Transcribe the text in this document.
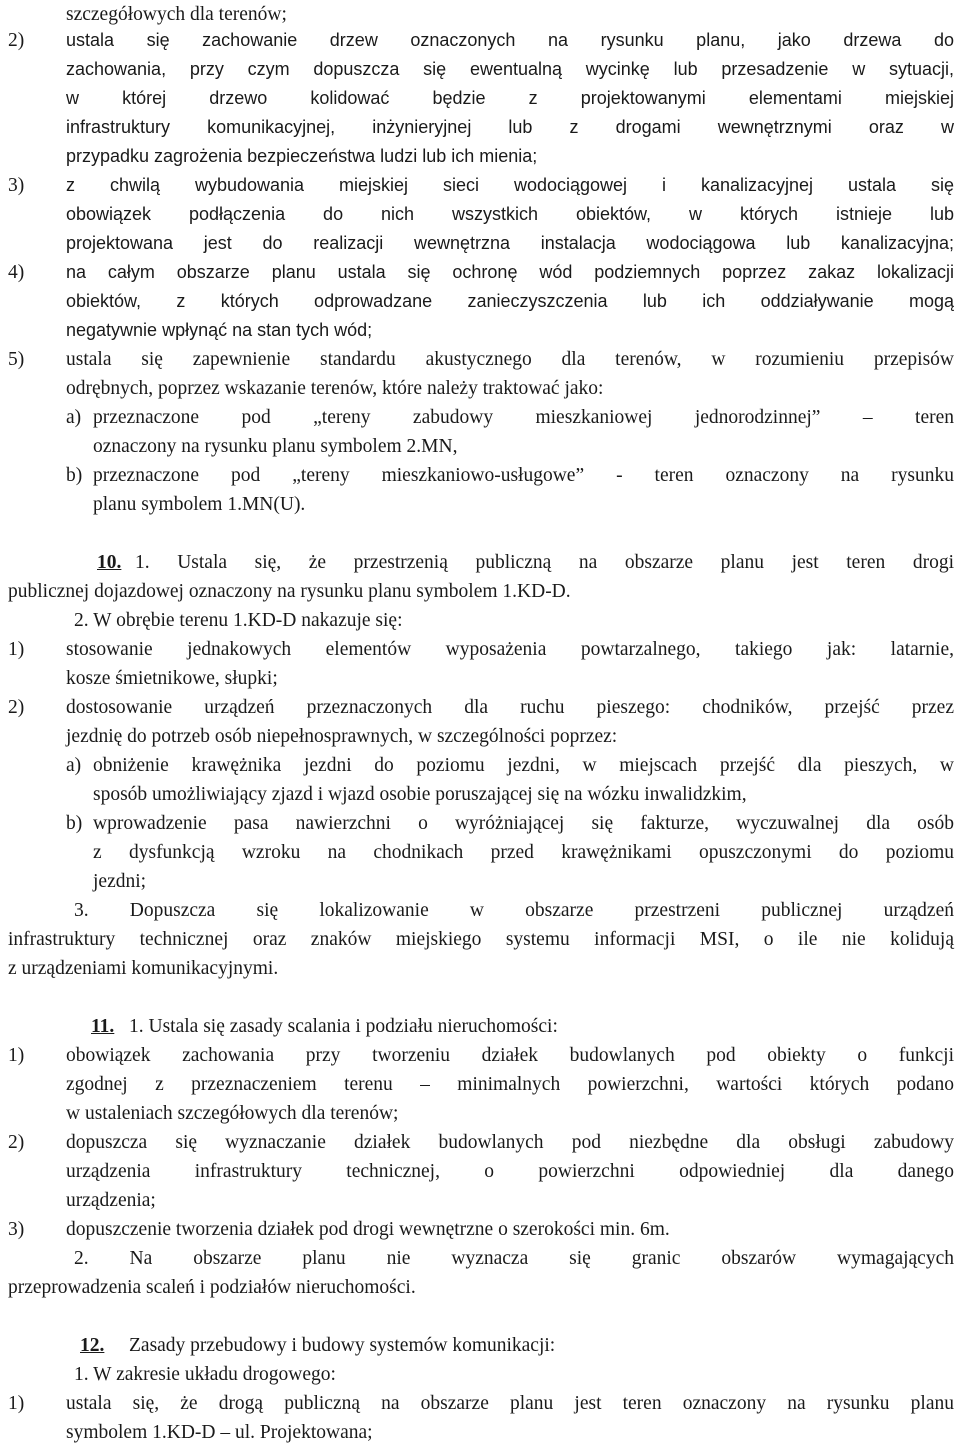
szczegółowych dla terenów;
2) ustala się zachowanie drzew oznaczonych na rysunku planu, jako drzewa do
zachowania, przy czym dopuszcza się ewentualną wycinkę lub przesadzenie w sytuacji,
w której drzewo kolidować będzie z projektowanymi elementami miejskiej
infrastruktury komunikacyjnej, inżynieryjnej lub z drogami wewnętrznymi oraz w
przypadku zagrożenia bezpieczeństwa ludzi lub ich mienia;
3) z chwilą wybudowania miejskiej sieci wodociągowej i kanalizacyjnej ustala się
obowiązek podłączenia do nich wszystkich obiektów, w których istnieje lub
projektowana jest do realizacji wewnętrzna instalacja wodociągowa lub kanalizacyjna;
4) na całym obszarze planu ustala się ochronę wód podziemnych poprzez zakaz lokalizacji
obiektów, z których odprowadzane zanieczyszczenia lub ich oddziaływanie mogą
negatywnie wpłynąć na stan tych wód;
5) ustala się zapewnienie standardu akustycznego dla terenów, w rozumieniu przepisów
odrębnych, poprzez wskazanie terenów, które należy traktować jako:
a) przeznaczone pod „tereny zabudowy mieszkaniowej jednorodzinnej” – teren
oznaczony na rysunku planu symbolem 2.MN,
b) przeznaczone pod „tereny mieszkaniowo-usługowe” - teren oznaczony na rysunku
planu symbolem 1.MN(U).
10. 1. Ustala się, że przestrzenią publiczną na obszarze planu jest teren drogi
publicznej dojazdowej oznaczony na rysunku planu symbolem 1.KD-D.
2. W obrębie terenu 1.KD-D nakazuje się:
1) stosowanie jednakowych elementów wyposażenia powtarzalnego, takiego jak: latarnie,
kosze śmietnikowe, słupki;
2) dostosowanie urządzeń przeznaczonych dla ruchu pieszego: chodników, przejść przez
jezdnię do potrzeb osób niepełnosprawnych, w szczególności poprzez:
a) obniżenie krawężnika jezdni do poziomu jezdni, w miejscach przejść dla pieszych, w
sposób umożliwiający zjazd i wjazd osobie poruszającej się na wózku inwalidzkim,
b) wprowadzenie pasa nawierzchni o wyróżniającej się fakturze, wyczuwalnej dla osób
z dysfunkcją wzroku na chodnikach przed krawężnikami opuszczonymi do poziomu
jezdni;
3. Dopuszcza się lokalizowanie w obszarze przestrzeni publicznej urządzeń
infrastruktury technicznej oraz znaków miejskiego systemu informacji MSI, o ile nie kolidują
z urządzeniami komunikacyjnymi.
11. 1. Ustala się zasady scalania i podziału nieruchomości:
1) obowiązek zachowania przy tworzeniu działek budowlanych pod obiekty o funkcji
zgodnej z przeznaczeniem terenu – minimalnych powierzchni, wartości których podano
w ustaleniach szczegółowych dla terenów;
2) dopuszcza się wyznaczanie działek budowlanych pod niezbędne dla obsługi zabudowy
urządzenia infrastruktury technicznej, o powierzchni odpowiedniej dla danego
urządzenia;
3) dopuszczenie tworzenia działek pod drogi wewnętrzne o szerokości min. 6m.
2. Na obszarze planu nie wyznacza się granic obszarów wymagających
przeprowadzenia scaleń i podziałów nieruchomości.
12. Zasady przebudowy i budowy systemów komunikacji:
1. W zakresie układu drogowego:
1) ustala się, że drogą publiczną na obszarze planu jest teren oznaczony na rysunku planu
symbolem 1.KD-D – ul. Projektowana;
